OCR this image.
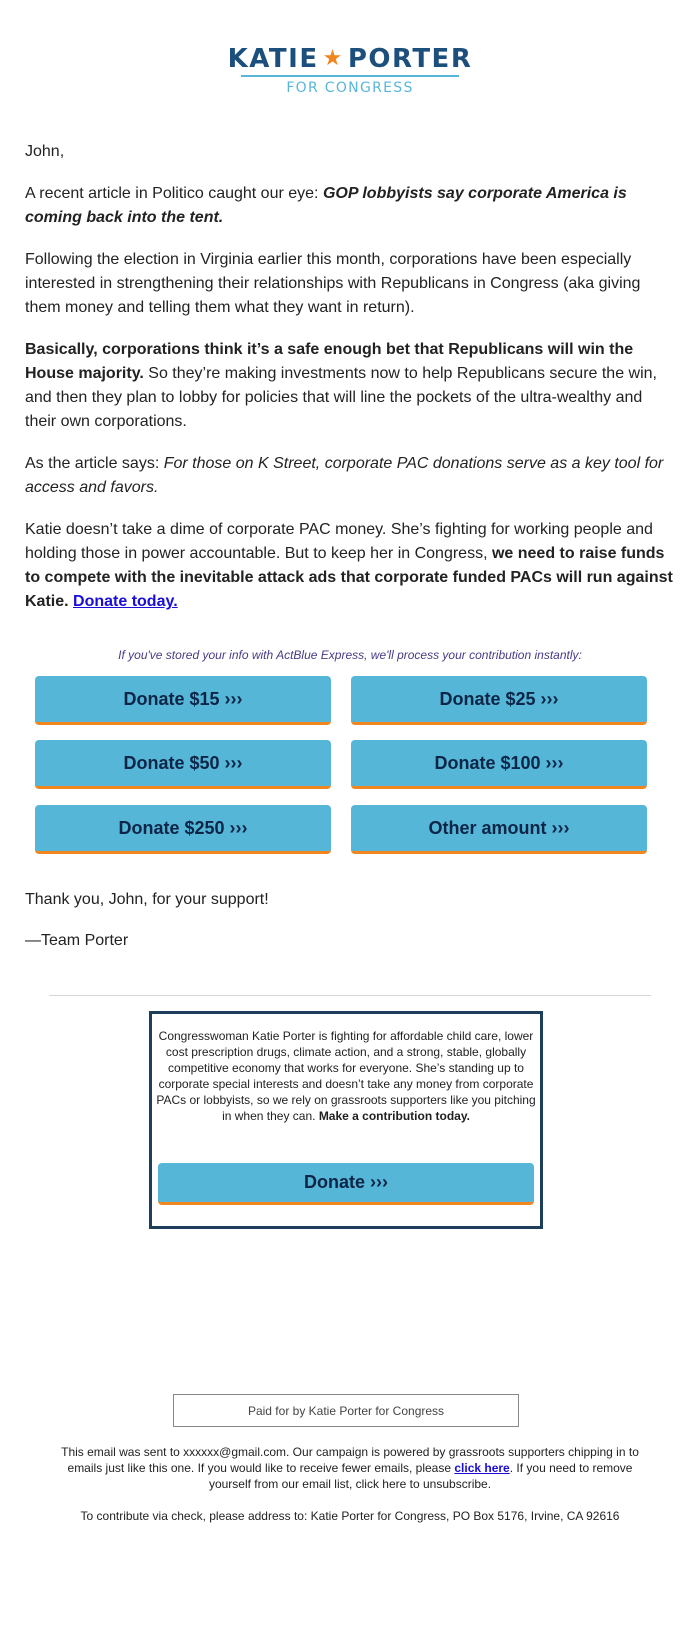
KATIE ★ PORTER
FOR CONGRESS

John,

A recent article in Politico caught our eye: GOP lobbyists say corporate America is coming back into the tent.

Following the election in Virginia earlier this month, corporations have been especially interested in strengthening their relationships with Republicans in Congress (aka giving them money and telling them what they want in return).

Basically, corporations think it’s a safe enough bet that Republicans will win the House majority. So they’re making investments now to help Republicans secure the win, and then they plan to lobby for policies that will line the pockets of the ultra-wealthy and their own corporations.

As the article says: For those on K Street, corporate PAC donations serve as a key tool for access and favors.

Katie doesn’t take a dime of corporate PAC money. She’s fighting for working people and holding those in power accountable. But to keep her in Congress, we need to raise funds to compete with the inevitable attack ads that corporate funded PACs will run against Katie. Donate today.

If you've stored your info with ActBlue Express, we'll process your contribution instantly:
Donate $15 ›››	Donate $25 ›››
Donate $50 ›››	Donate $100 ›››
Donate $250 ›››	Other amount ›››
Thank you, John, for your support!
—Team Porter
Congresswoman Katie Porter is fighting for affordable child care, lower cost prescription drugs, climate action, and a strong, stable, globally competitive economy that works for everyone. She’s standing up to corporate special interests and doesn’t take any money from corporate PACs or lobbyists, so we rely on grassroots supporters like you pitching in when they can. Make a contribution today.
Donate ›››
Paid for by Katie Porter for Congress
This email was sent to xxxxxx@gmail.com. Our campaign is powered by grassroots supporters chipping in to emails just like this one. If you would like to receive fewer emails, please click here. If you need to remove yourself from our email list, click here to unsubscribe.
To contribute via check, please address to: Katie Porter for Congress, PO Box 5176, Irvine, CA 92616
